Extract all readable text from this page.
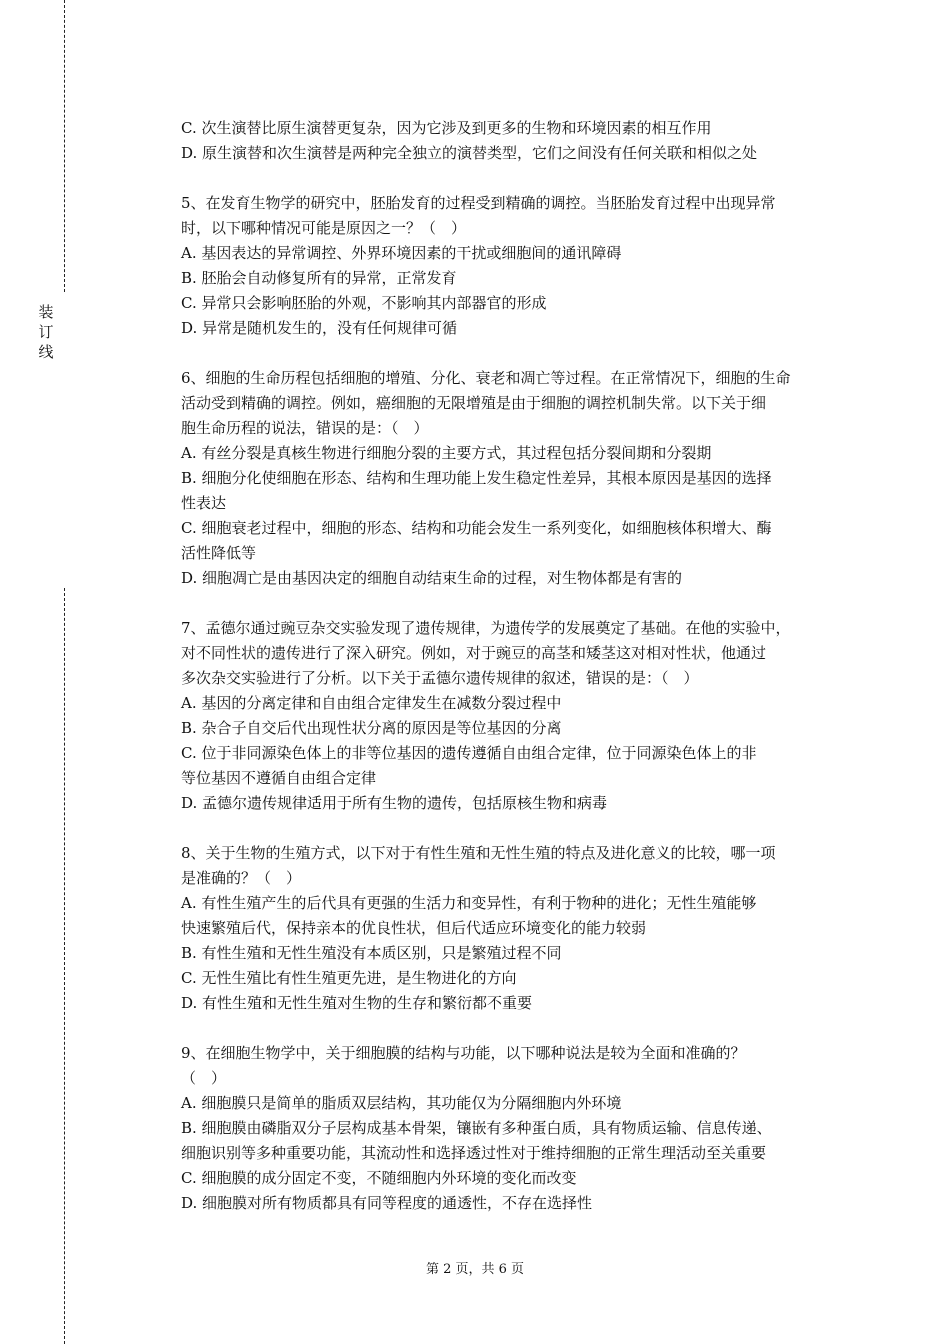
装
订
线
C. 次生演替比原生演替更复杂，因为它涉及到更多的生物和环境因素的相互作用
D. 原生演替和次生演替是两种完全独立的演替类型，它们之间没有任何关联和相似之处
5、在发育生物学的研究中，胚胎发育的过程受到精确的调控。当胚胎发育过程中出现异常
时，以下哪种情况可能是原因之一？（　）
A. 基因表达的异常调控、外界环境因素的干扰或细胞间的通讯障碍
B. 胚胎会自动修复所有的异常，正常发育
C. 异常只会影响胚胎的外观，不影响其内部器官的形成
D. 异常是随机发生的，没有任何规律可循
6、细胞的生命历程包括细胞的增殖、分化、衰老和凋亡等过程。在正常情况下，细胞的生命
活动受到精确的调控。例如，癌细胞的无限增殖是由于细胞的调控机制失常。以下关于细
胞生命历程的说法，错误的是：（　）
A. 有丝分裂是真核生物进行细胞分裂的主要方式，其过程包括分裂间期和分裂期
B. 细胞分化使细胞在形态、结构和生理功能上发生稳定性差异，其根本原因是基因的选择
性表达
C. 细胞衰老过程中，细胞的形态、结构和功能会发生一系列变化，如细胞核体积增大、酶
活性降低等
D. 细胞凋亡是由基因决定的细胞自动结束生命的过程，对生物体都是有害的
7、孟德尔通过豌豆杂交实验发现了遗传规律，为遗传学的发展奠定了基础。在他的实验中，
对不同性状的遗传进行了深入研究。例如，对于豌豆的高茎和矮茎这对相对性状，他通过
多次杂交实验进行了分析。以下关于孟德尔遗传规律的叙述，错误的是：（　）
A. 基因的分离定律和自由组合定律发生在减数分裂过程中
B. 杂合子自交后代出现性状分离的原因是等位基因的分离
C. 位于非同源染色体上的非等位基因的遗传遵循自由组合定律，位于同源染色体上的非
等位基因不遵循自由组合定律
D. 孟德尔遗传规律适用于所有生物的遗传，包括原核生物和病毒
8、关于生物的生殖方式，以下对于有性生殖和无性生殖的特点及进化意义的比较，哪一项
是准确的？（　）
A. 有性生殖产生的后代具有更强的生活力和变异性，有利于物种的进化；无性生殖能够
快速繁殖后代，保持亲本的优良性状，但后代适应环境变化的能力较弱
B. 有性生殖和无性生殖没有本质区别，只是繁殖过程不同
C. 无性生殖比有性生殖更先进，是生物进化的方向
D. 有性生殖和无性生殖对生物的生存和繁衍都不重要
9、在细胞生物学中，关于细胞膜的结构与功能，以下哪种说法是较为全面和准确的？
（　）
A. 细胞膜只是简单的脂质双层结构，其功能仅为分隔细胞内外环境
B. 细胞膜由磷脂双分子层构成基本骨架，镶嵌有多种蛋白质，具有物质运输、信息传递、
细胞识别等多种重要功能，其流动性和选择透过性对于维持细胞的正常生理活动至关重要
C. 细胞膜的成分固定不变，不随细胞内外环境的变化而改变
D. 细胞膜对所有物质都具有同等程度的通透性，不存在选择性
第 2 页，共 6 页
